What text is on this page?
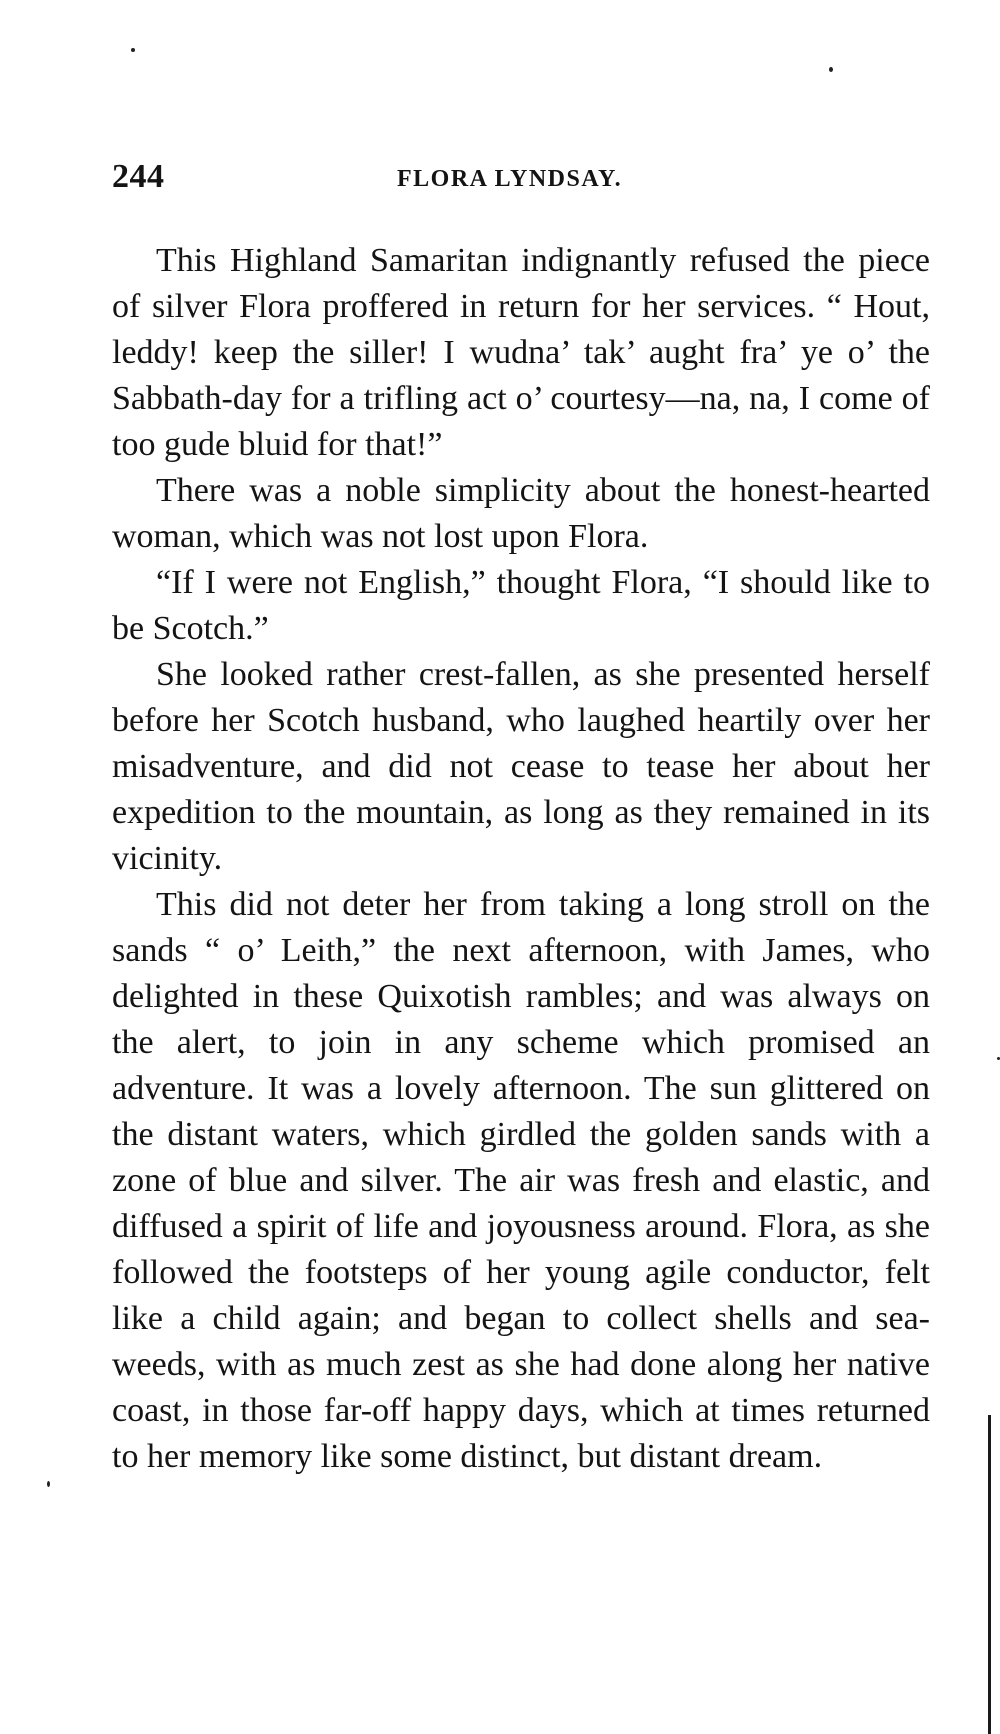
244	FLORA LYNDSAY.

This Highland Samaritan indignantly refused the piece of silver Flora proffered in return for her services. “ Hout, leddy! keep the siller! I wudna’ tak’ aught fra’ ye o’ the Sabbath-day for a trifling act o’ courtesy—na, na, I come of too gude bluid for that!”

There was a noble simplicity about the honest-hearted woman, which was not lost upon Flora.

“If I were not English,” thought Flora, “I should like to be Scotch.”

She looked rather crest-fallen, as she presented herself before her Scotch husband, who laughed heartily over her misadventure, and did not cease to tease her about her expedition to the mountain, as long as they remained in its vicinity.

This did not deter her from taking a long stroll on the sands “ o’ Leith,” the next afternoon, with James, who delighted in these Quixotish rambles; and was always on the alert, to join in any scheme which promised an adventure. It was a lovely afternoon. The sun glittered on the distant waters, which girdled the golden sands with a zone of blue and silver. The air was fresh and elastic, and diffused a spirit of life and joyousness around. Flora, as she followed the footsteps of her young agile conductor, felt like a child again; and began to collect shells and sea-weeds, with as much zest as she had done along her native coast, in those far-off happy days, which at times returned to her memory like some distinct, but distant dream.
